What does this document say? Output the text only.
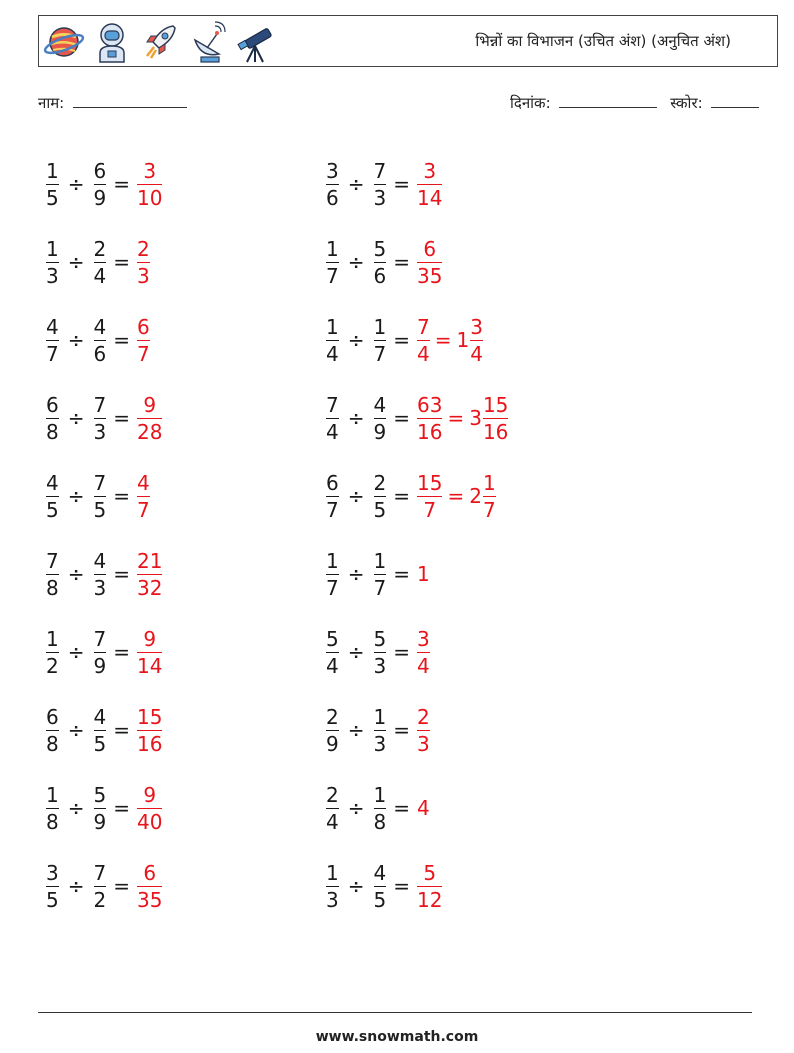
भिन्नों का विभाजन (उचित अंश) (अनुचित अंश)
नाम:	दिनांक:	स्कोर:
$\frac{1}{5} \div \frac{6}{9} = \frac{3}{10}$
$\frac{1}{3} \div \frac{2}{4} = \frac{2}{3}$
$\frac{4}{7} \div \frac{4}{6} = \frac{6}{7}$
$\frac{6}{8} \div \frac{7}{3} = \frac{9}{28}$
$\frac{4}{5} \div \frac{7}{5} = \frac{4}{7}$
$\frac{7}{8} \div \frac{4}{3} = \frac{21}{32}$
$\frac{1}{2} \div \frac{7}{9} = \frac{9}{14}$
$\frac{6}{8} \div \frac{4}{5} = \frac{15}{16}$
$\frac{1}{8} \div \frac{5}{9} = \frac{9}{40}$
$\frac{3}{5} \div \frac{7}{2} = \frac{6}{35}$
$\frac{3}{6} \div \frac{7}{3} = \frac{3}{14}$
$\frac{1}{7} \div \frac{5}{6} = \frac{6}{35}$
$\frac{1}{4} \div \frac{1}{7} = \frac{7}{4} = 1 \frac{3}{4}$
$\frac{7}{4} \div \frac{4}{9} = \frac{63}{16} = 3 \frac{15}{16}$
$\frac{6}{7} \div \frac{2}{5} = \frac{15}{7} = 2 \frac{1}{7}$
$\frac{1}{7} \div \frac{1}{7} = 1$
$\frac{5}{4} \div \frac{5}{3} = \frac{3}{4}$
$\frac{2}{9} \div \frac{1}{3} = \frac{2}{3}$
$\frac{2}{4} \div \frac{1}{8} = 4$
$\frac{1}{3} \div \frac{4}{5} = \frac{5}{12}$
www.snowmath.com
